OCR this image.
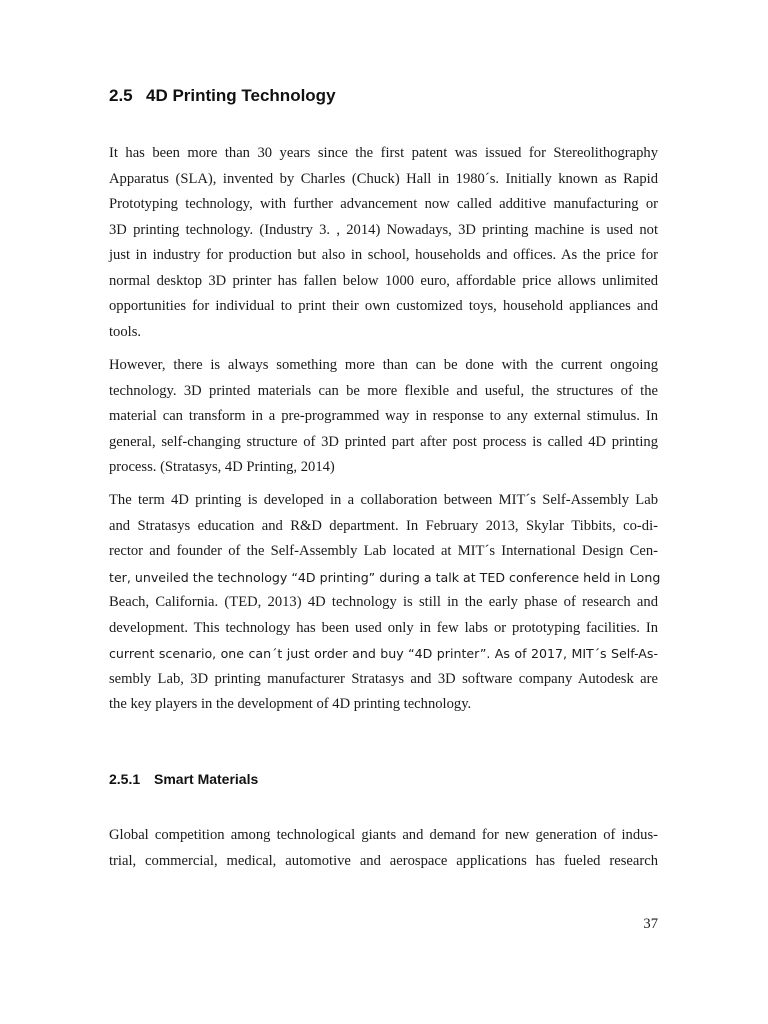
2.5 4D Printing Technology
It has been more than 30 years since the first patent was issued for Stereolithography
Apparatus (SLA), invented by Charles (Chuck) Hall in 1980´s. Initially known as Rapid
Prototyping technology, with further advancement now called additive manufacturing or
3D printing technology. (Industry 3. , 2014) Nowadays, 3D printing machine is used not
just in industry for production but also in school, households and offices. As the price for
normal desktop 3D printer has fallen below 1000 euro, affordable price allows unlimited
opportunities for individual to print their own customized toys, household appliances and
tools.
However, there is always something more than can be done with the current ongoing
technology. 3D printed materials can be more flexible and useful, the structures of the
material can transform in a pre-programmed way in response to any external stimulus. In
general, self-changing structure of 3D printed part after post process is called 4D printing
process. (Stratasys, 4D Printing, 2014)
The term 4D printing is developed in a collaboration between MIT´s Self-Assembly Lab
and Stratasys education and R&D department. In February 2013, Skylar Tibbits, co-di-
rector and founder of the Self-Assembly Lab located at MIT´s International Design Cen-
ter, unveiled the technology “4D printing” during a talk at TED conference held in Long
Beach, California. (TED, 2013) 4D technology is still in the early phase of research and
development. This technology has been used only in few labs or prototyping facilities. In
current scenario, one can´t just order and buy “4D printer”. As of 2017, MIT´s Self-As-
sembly Lab, 3D printing manufacturer Stratasys and 3D software company Autodesk are
the key players in the development of 4D printing technology.
2.5.1 Smart Materials
Global competition among technological giants and demand for new generation of indus-
trial, commercial, medical, automotive and aerospace applications has fueled research
37
